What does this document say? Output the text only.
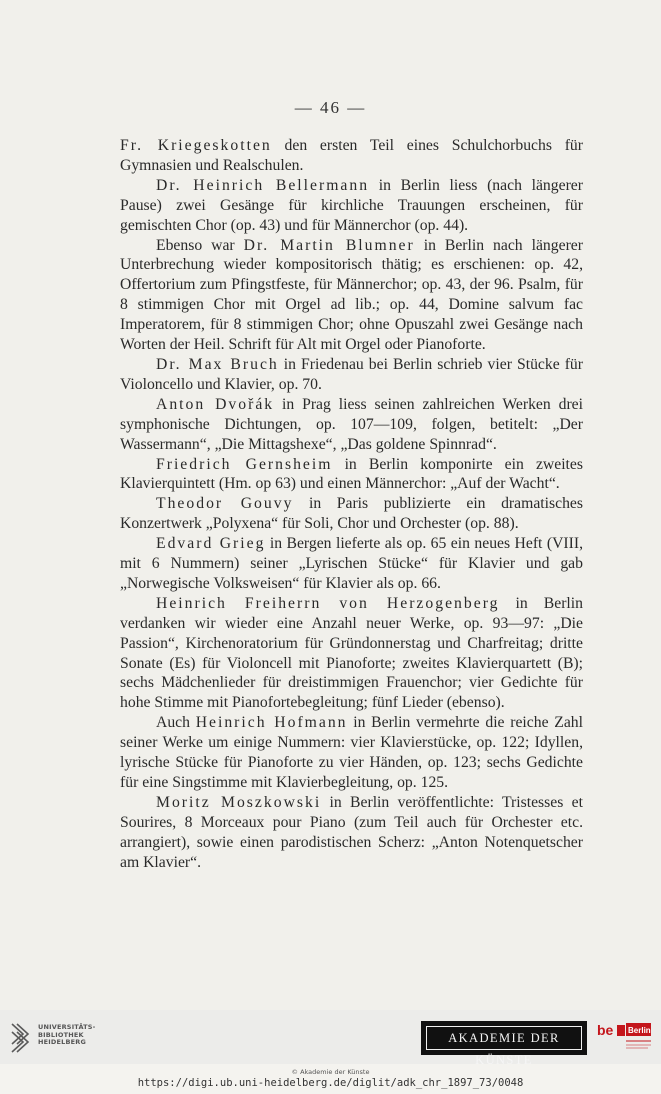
— 46 —

Fr. Kriegeskotten den ersten Teil eines Schulchorbuchs für Gymnasien und Realschulen.

Dr. Heinrich Bellermann in Berlin liess (nach längerer Pause) zwei Gesänge für kirchliche Trauungen erscheinen, für gemischten Chor (op. 43) und für Männerchor (op. 44).

Ebenso war Dr. Martin Blumner in Berlin nach längerer Unterbrechung wieder kompositorisch thätig; es erschienen: op. 42, Offertorium zum Pfingstfeste, für Männerchor; op. 43, der 96. Psalm, für 8 stimmigen Chor mit Orgel ad lib.; op. 44, Domine salvum fac Imperatorem, für 8 stimmigen Chor; ohne Opuszahl zwei Gesänge nach Worten der Heil. Schrift für Alt mit Orgel oder Pianoforte.

Dr. Max Bruch in Friedenau bei Berlin schrieb vier Stücke für Violoncello und Klavier, op. 70.

Anton Dvořák in Prag liess seinen zahlreichen Werken drei symphonische Dichtungen, op. 107—109, folgen, betitelt: „Der Wassermann“, „Die Mittagshexe“, „Das goldene Spinnrad“.

Friedrich Gernsheim in Berlin komponirte ein zweites Klavierquintett (Hm. op 63) und einen Männerchor: „Auf der Wacht“.

Theodor Gouvy in Paris publizierte ein dramatisches Konzertwerk „Polyxena“ für Soli, Chor und Orchester (op. 88).

Edvard Grieg in Bergen lieferte als op. 65 ein neues Heft (VIII, mit 6 Nummern) seiner „Lyrischen Stücke“ für Klavier und gab „Norwegische Volksweisen“ für Klavier als op. 66.

Heinrich Freiherrn von Herzogenberg in Berlin verdanken wir wieder eine Anzahl neuer Werke, op. 93—97: „Die Passion“, Kirchenoratorium für Gründonnerstag und Charfreitag; dritte Sonate (Es) für Violoncell mit Pianoforte; zweites Klavierquartett (B); sechs Mädchenlieder für dreistimmigen Frauenchor; vier Gedichte für hohe Stimme mit Pianofortebegleitung; fünf Lieder (ebenso).

Auch Heinrich Hofmann in Berlin vermehrte die reiche Zahl seiner Werke um einige Nummern: vier Klavierstücke, op. 122; Idyllen, lyrische Stücke für Pianoforte zu vier Händen, op. 123; sechs Gedichte für eine Singstimme mit Klavierbegleitung, op. 125.

Moritz Moszkowski in Berlin veröffentlichte: Tristesses et Sourires, 8 Morceaux pour Piano (zum Teil auch für Orchester etc. arrangiert), sowie einen parodistischen Scherz: „Anton Notenquetscher am Klavier“.

UNIVERSITÄTS-
BIBLIOTHEK
HEIDELBERG	AKADEMIE DER KÜNSTE
be Berlin
© Akademie der Künste
https://digi.ub.uni-heidelberg.de/diglit/adk_chr_1897_73/0048
